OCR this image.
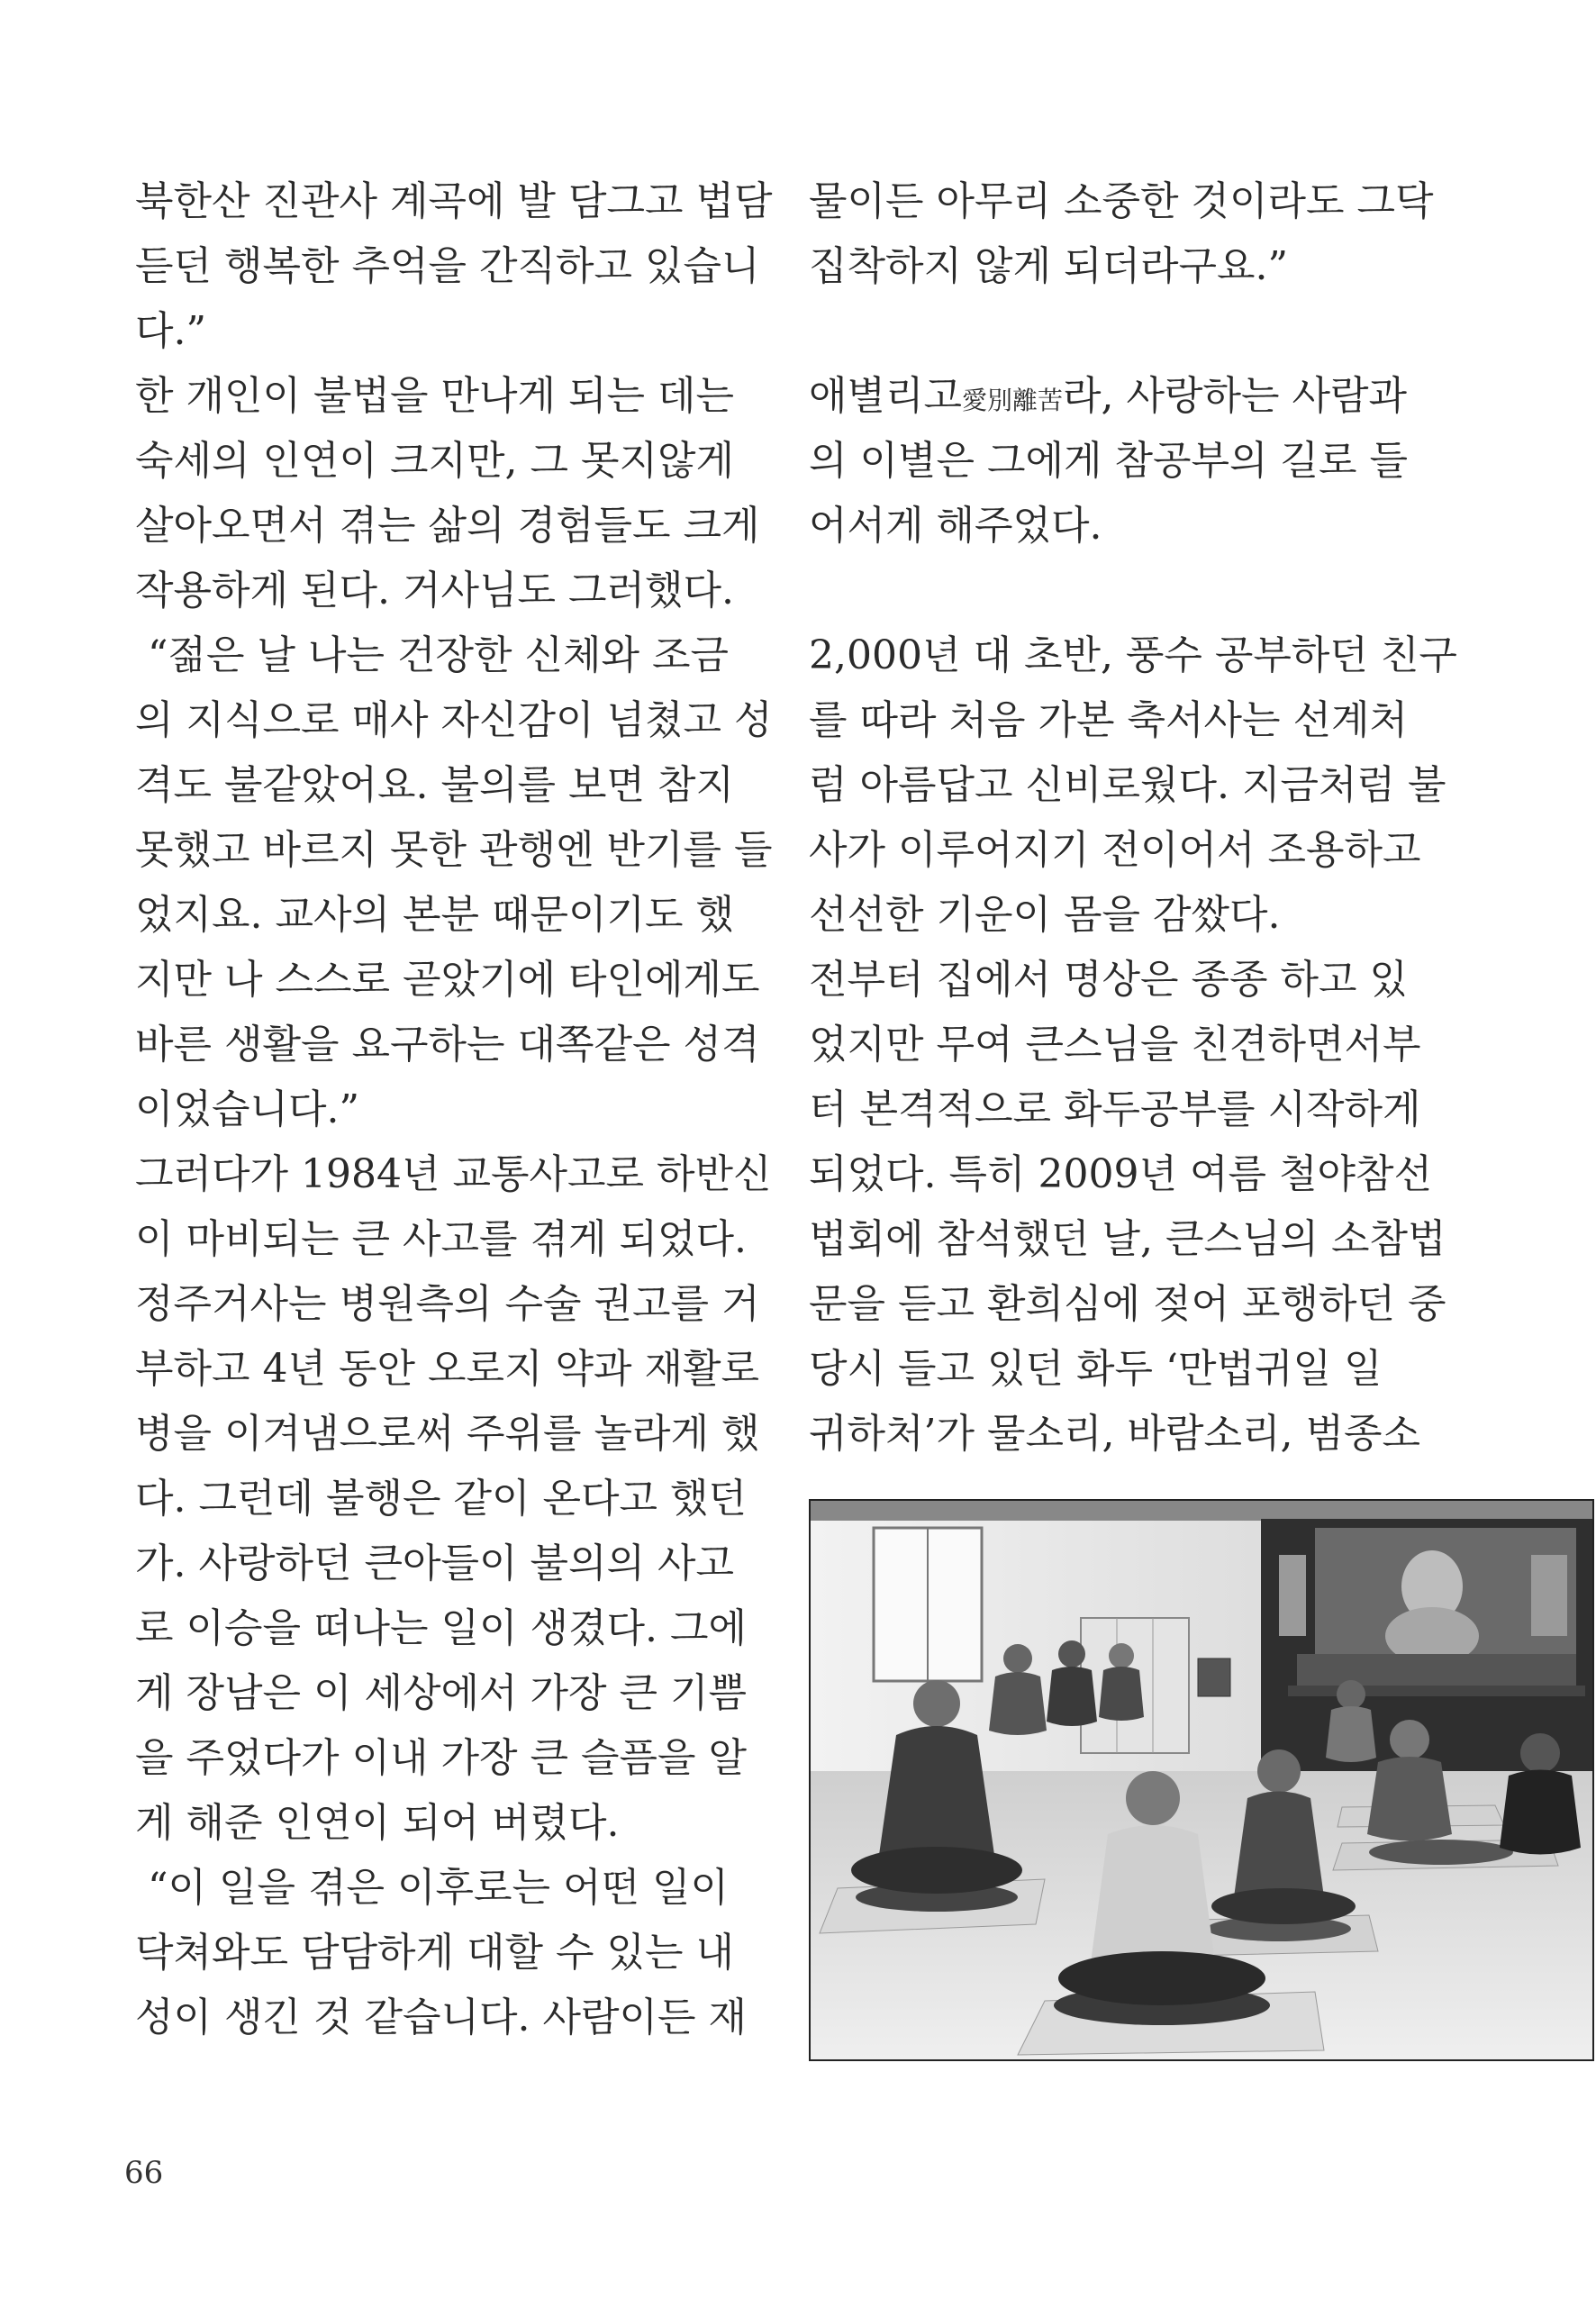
북한산 진관사 계곡에 발 담그고 법담
듣던 행복한 추억을 간직하고 있습니
다.”
한 개인이 불법을 만나게 되는 데는
숙세의 인연이 크지만, 그 못지않게
살아오면서 겪는 삶의 경험들도 크게
작용하게 된다. 거사님도 그러했다.
“젊은 날 나는 건장한 신체와 조금
의 지식으로 매사 자신감이 넘쳤고 성
격도 불같았어요. 불의를 보면 참지
못했고 바르지 못한 관행엔 반기를 들
었지요. 교사의 본분 때문이기도 했
지만 나 스스로 곧았기에 타인에게도
바른 생활을 요구하는 대쪽같은 성격
이었습니다.”
그러다가 1984년 교통사고로 하반신
이 마비되는 큰 사고를 겪게 되었다.
정주거사는 병원측의 수술 권고를 거
부하고 4년 동안 오로지 약과 재활로
병을 이겨냄으로써 주위를 놀라게 했
다. 그런데 불행은 같이 온다고 했던
가. 사랑하던 큰아들이 불의의 사고
로 이승을 떠나는 일이 생겼다. 그에
게 장남은 이 세상에서 가장 큰 기쁨
을 주었다가 이내 가장 큰 슬픔을 알
게 해준 인연이 되어 버렸다.
“이 일을 겪은 이후로는 어떤 일이
닥쳐와도 담담하게 대할 수 있는 내
성이 생긴 것 같습니다. 사람이든 재
물이든 아무리 소중한 것이라도 그닥
집착하지 않게 되더라구요.”
애별리고愛別離苦라, 사랑하는 사람과
의 이별은 그에게 참공부의 길로 들
어서게 해주었다.
2,000년 대 초반, 풍수 공부하던 친구
를 따라 처음 가본 축서사는 선계처
럼 아름답고 신비로웠다. 지금처럼 불
사가 이루어지기 전이어서 조용하고
선선한 기운이 몸을 감쌌다.
전부터 집에서 명상은 종종 하고 있
었지만 무여 큰스님을 친견하면서부
터 본격적으로 화두공부를 시작하게
되었다. 특히 2009년 여름 철야참선
법회에 참석했던 날, 큰스님의 소참법
문을 듣고 환희심에 젖어 포행하던 중
당시 들고 있던 화두 ‘만법귀일 일
귀하처’가 물소리, 바람소리, 범종소
66
